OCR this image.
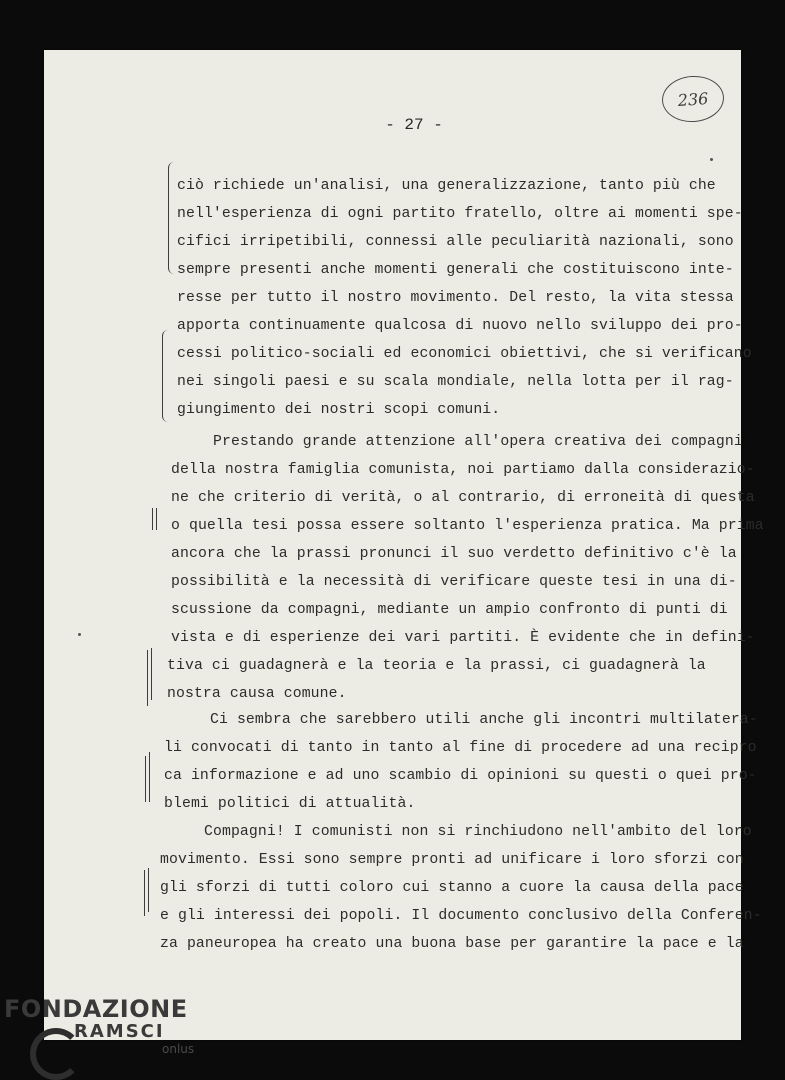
236
- 27 -
ciò richiede un'analisi, una generalizzazione, tanto più che
nell'esperienza di ogni partito fratello, oltre ai momenti spe-
cifici irripetibili, connessi alle peculiarità nazionali, sono
sempre presenti anche momenti generali che costituiscono inte-
resse per tutto il nostro movimento. Del resto, la vita stessa
apporta continuamente qualcosa di nuovo nello sviluppo dei pro-
cessi politico-sociali ed economici obiettivi, che si verificano
nei singoli paesi e su scala mondiale, nella lotta per il rag-
giungimento dei nostri scopi comuni.
Prestando grande attenzione all'opera creativa dei compagni
della nostra famiglia comunista, noi partiamo dalla considerazio-
ne che criterio di verità, o al contrario, di erroneità di questa
o quella tesi possa essere soltanto l'esperienza pratica. Ma prima
ancora che la prassi pronunci il suo verdetto definitivo c'è la
possibilità e la necessità di verificare queste tesi in una di-
scussione da compagni, mediante un ampio confronto di punti di
vista e di esperienze dei vari partiti. È evidente che in defini-
tiva ci guadagnerà e la teoria e la prassi, ci guadagnerà la
nostra causa comune.
Ci sembra che sarebbero utili anche gli incontri multilatera-
li convocati di tanto in tanto al fine di procedere ad una recipro
ca informazione e ad uno scambio di opinioni su questi o quei pro-
blemi politici di attualità.
Compagni! I comunisti non si rinchiudono nell'ambito del loro
movimento. Essi sono sempre pronti ad unificare i loro sforzi con
gli sforzi di tutti coloro cui stanno a cuore la causa della pace
e gli interessi dei popoli. Il documento conclusivo della Conferen-
za paneuropea ha creato una buona base per garantire la pace e la
FONDAZIONE
RAMSCI
onlus
